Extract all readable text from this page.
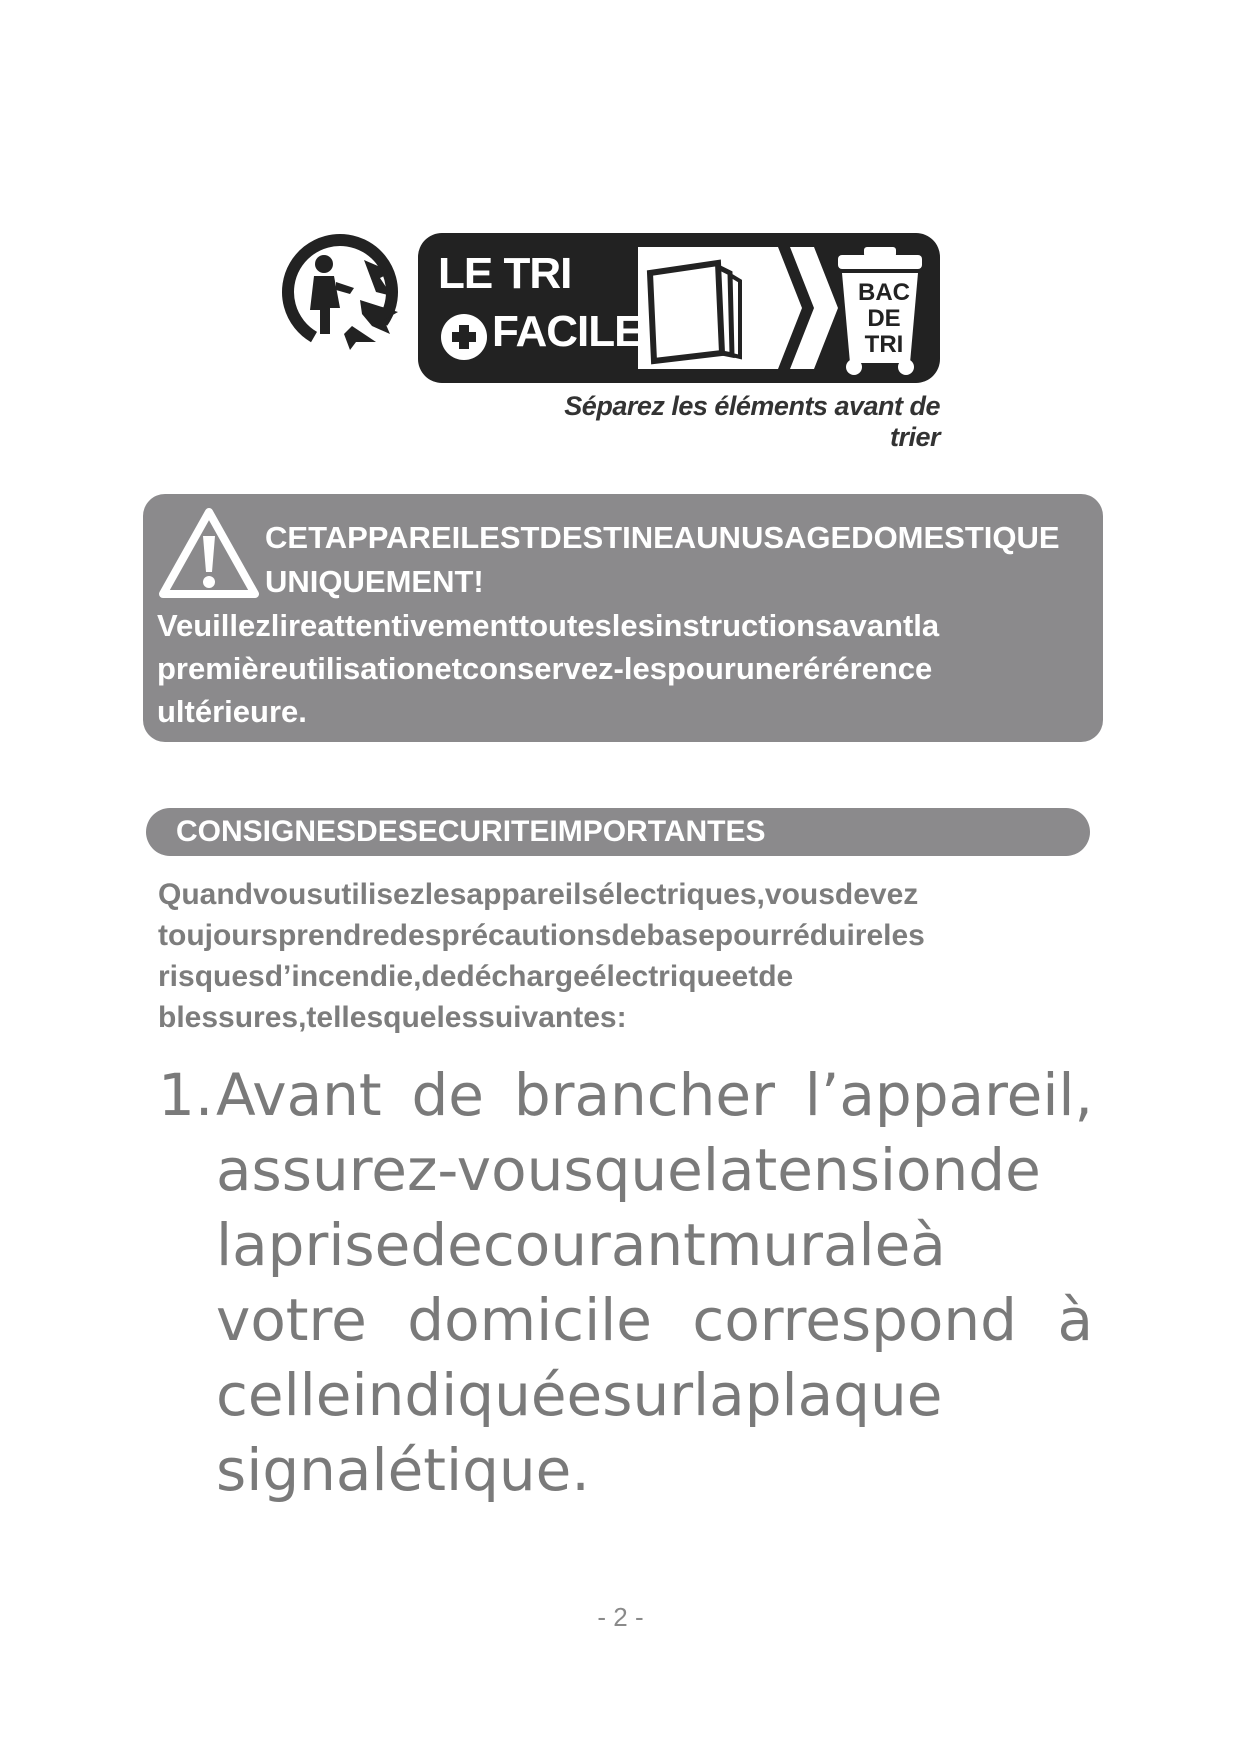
LE TRI
FACILE
BAC
DE
TRI
Séparez les éléments avant de trier
CETAPPAREILESTDESTINEAUNUSAGEDOMESTIQUE
UNIQUEMENT!
Veuillezlireattentivementtouteslesinstructionsavantla
premièreutilisationetconservez-lespourunerérérence
ultérieure.
CONSIGNESDESECURITEIMPORTANTES
Quandvousutilisezlesappareilsélectriques,vousdevez
toujoursprendredesprécautionsdebasepourréduireles
risquesd’incendie,dedéchargeélectriqueetde
blessures,tellesquelessuivantes:
1. Avant de brancher l’appareil,
assurez-vousquelatensionde
laprisedecourantmuraleà
votre domicile correspond à
celleindiquéesurlaplaque
signalétique.
- 2 -
